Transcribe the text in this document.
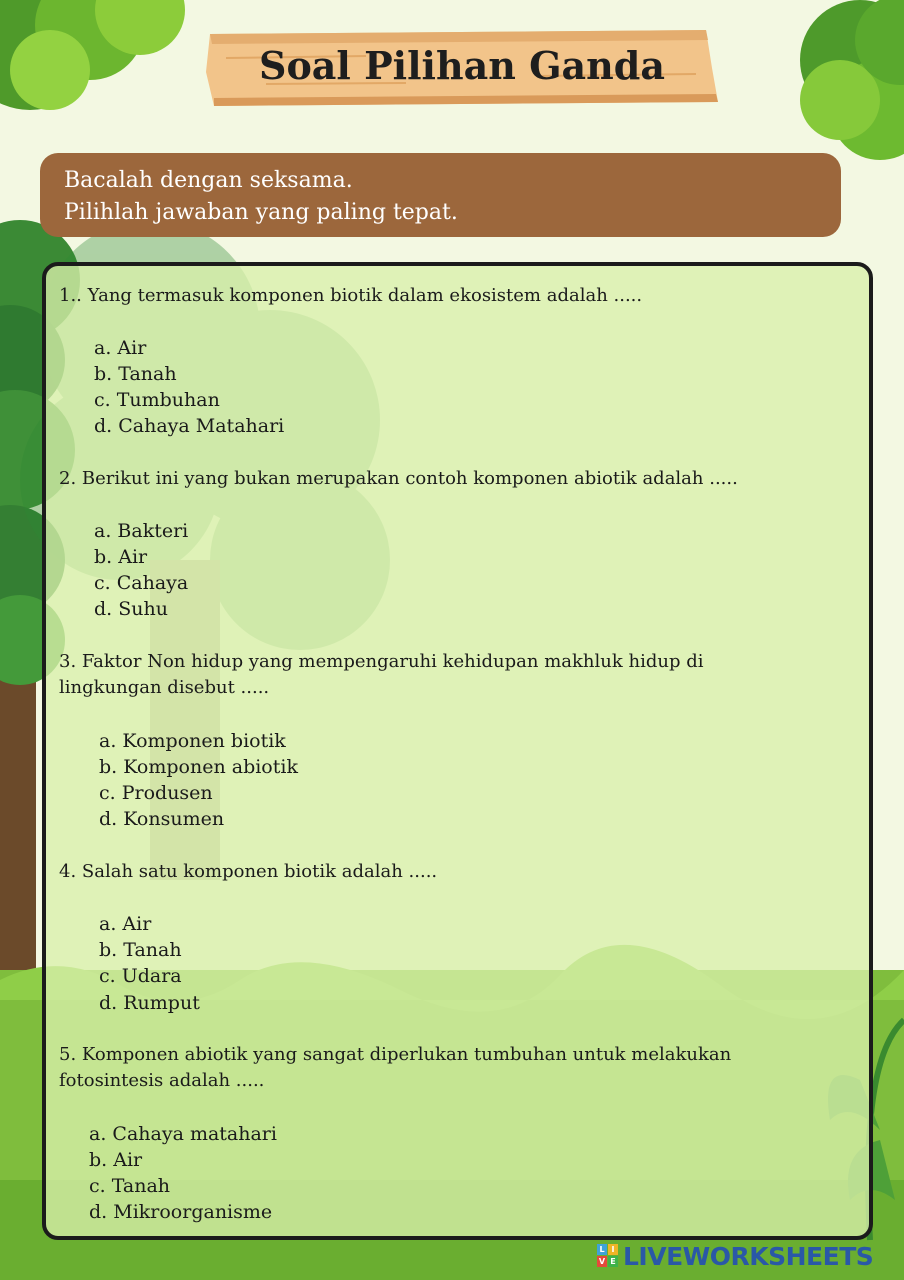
Soal Pilihan Ganda
Bacalah dengan seksama.
Pilihlah jawaban yang paling tepat.
1.. Yang termasuk komponen biotik dalam ekosistem adalah .....
a. Air
b. Tanah
c. Tumbuhan
d. Cahaya Matahari
2. Berikut ini yang bukan merupakan contoh komponen abiotik adalah .....
a. Bakteri
b. Air
c. Cahaya
d. Suhu
3. Faktor Non hidup yang mempengaruhi kehidupan makhluk hidup di
lingkungan disebut .....
a. Komponen biotik
b. Komponen abiotik
c. Produsen
d. Konsumen
4. Salah satu komponen biotik adalah .....
a. Air
b. Tanah
c. Udara
d. Rumput
5. Komponen abiotik yang sangat diperlukan tumbuhan untuk melakukan
fotosintesis adalah .....
a. Cahaya matahari
b. Air
c. Tanah
d. Mikroorganisme
L I
V E LIVEWORKSHEETS
